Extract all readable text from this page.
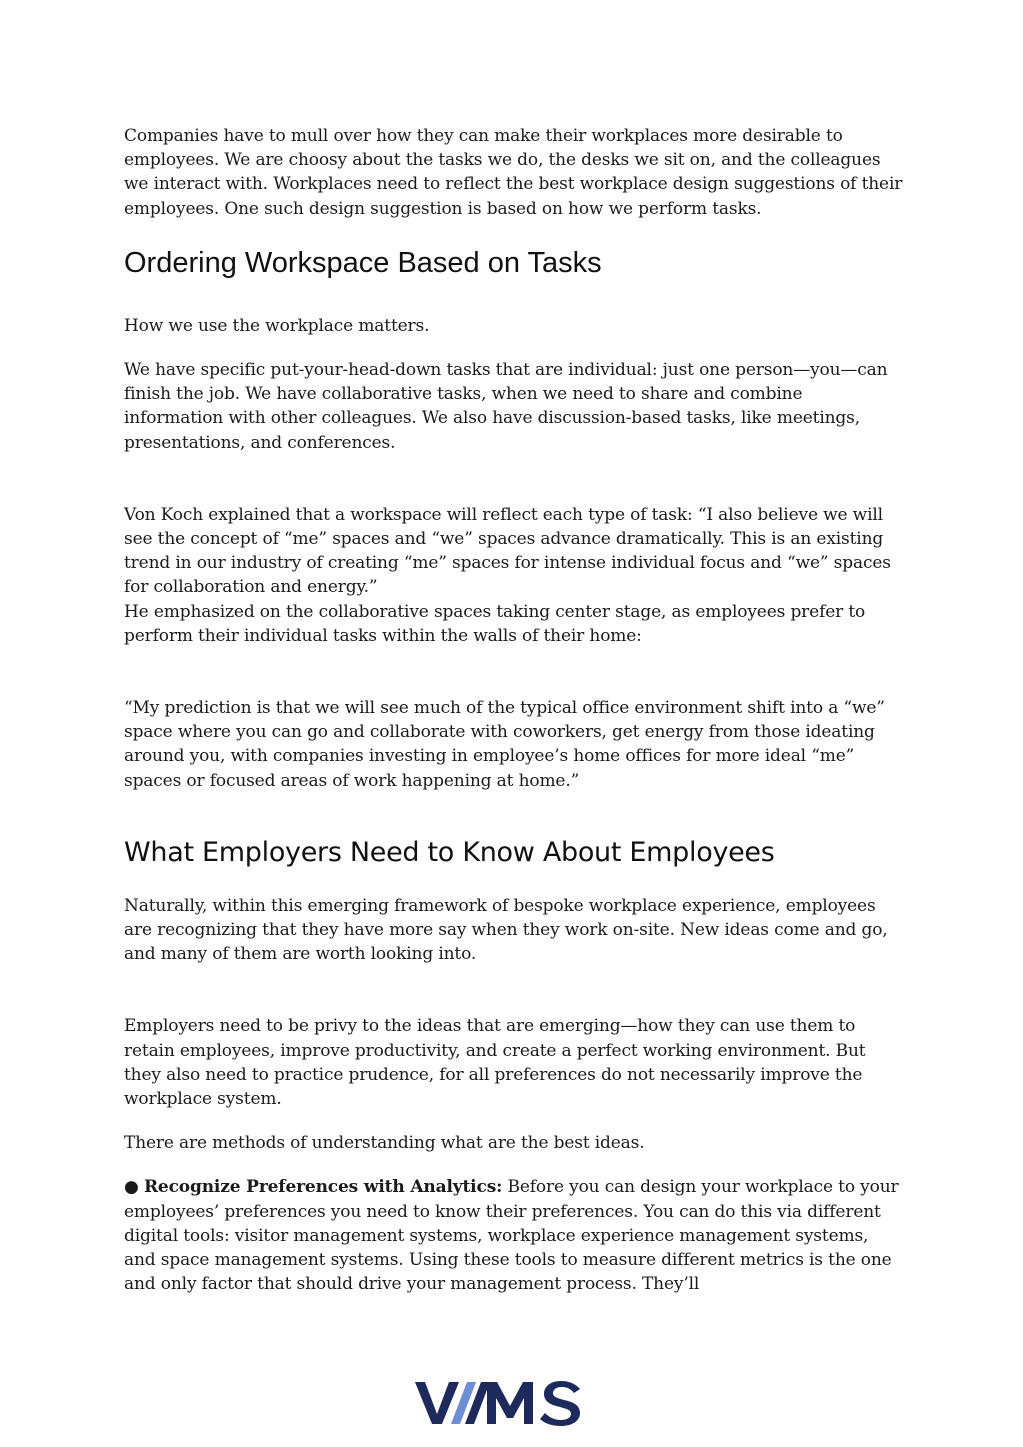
Companies have to mull over how they can make their workplaces more desirable to employees. We are choosy about the tasks we do, the desks we sit on, and the colleagues we interact with. Workplaces need to reflect the best workplace design suggestions of their employees. One such design suggestion is based on how we perform tasks.

Ordering Workspace Based on Tasks

How we use the workplace matters.

We have specific put-your-head-down tasks that are individual: just one person—you—can finish the job. We have collaborative tasks, when we need to share and combine information with other colleagues. We also have discussion-based tasks, like meetings, presentations, and conferences.

Von Koch explained that a workspace will reflect each type of task: “I also believe we will see the concept of “me” spaces and “we” spaces advance dramatically. This is an existing trend in our industry of creating “me” spaces for intense individual focus and “we” spaces for collaboration and energy.”

He emphasized on the collaborative spaces taking center stage, as employees prefer to perform their individual tasks within the walls of their home:

“My prediction is that we will see much of the typical office environment shift into a “we” space where you can go and collaborate with coworkers, get energy from those ideating around you, with companies investing in employee’s home offices for more ideal “me” spaces or focused areas of work happening at home.”

What Employers Need to Know About Employees

Naturally, within this emerging framework of bespoke workplace experience, employees are recognizing that they have more say when they work on-site. New ideas come and go, and many of them are worth looking into.

Employers need to be privy to the ideas that are emerging—how they can use them to retain employees, improve productivity, and create a perfect working environment. But they also need to practice prudence, for all preferences do not necessarily improve the workplace system.

There are methods of understanding what are the best ideas.

● Recognize Preferences with Analytics: Before you can design your workplace to your employees’ preferences you need to know their preferences. You can do this via different digital tools: visitor management systems, workplace experience management systems, and space management systems. Using these tools to measure different metrics is the one and only factor that should drive your management process. They’ll
